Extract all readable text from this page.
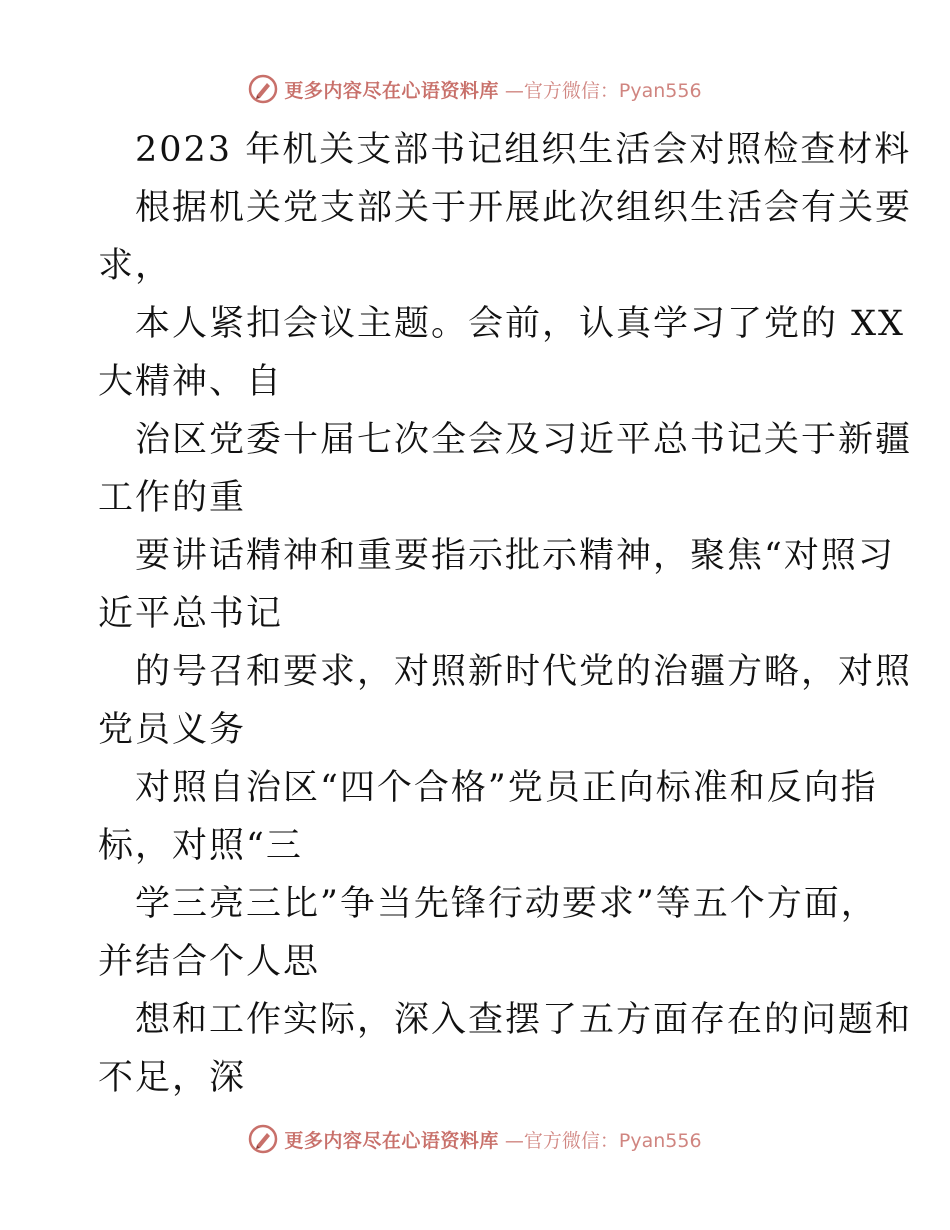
更多内容尽在心语资料库 —官方微信：Pyan556
2023 年机关支部书记组织生活会对照检查材料
根据机关党支部关于开展此次组织生活会有关要
求，
本人紧扣会议主题。会前，认真学习了党的 XX
大精神、自
治区党委十届七次全会及习近平总书记关于新疆
工作的重
要讲话精神和重要指示批示精神，聚焦“对照习
近平总书记
的号召和要求，对照新时代党的治疆方略，对照
党员义务
对照自治区“四个合格”党员正向标准和反向指
标，对照“三
学三亮三比”争当先锋行动要求”等五个方面，
并结合个人思
想和工作实际，深入查摆了五方面存在的问题和
不足，深
更多内容尽在心语资料库 —官方微信：Pyan556
